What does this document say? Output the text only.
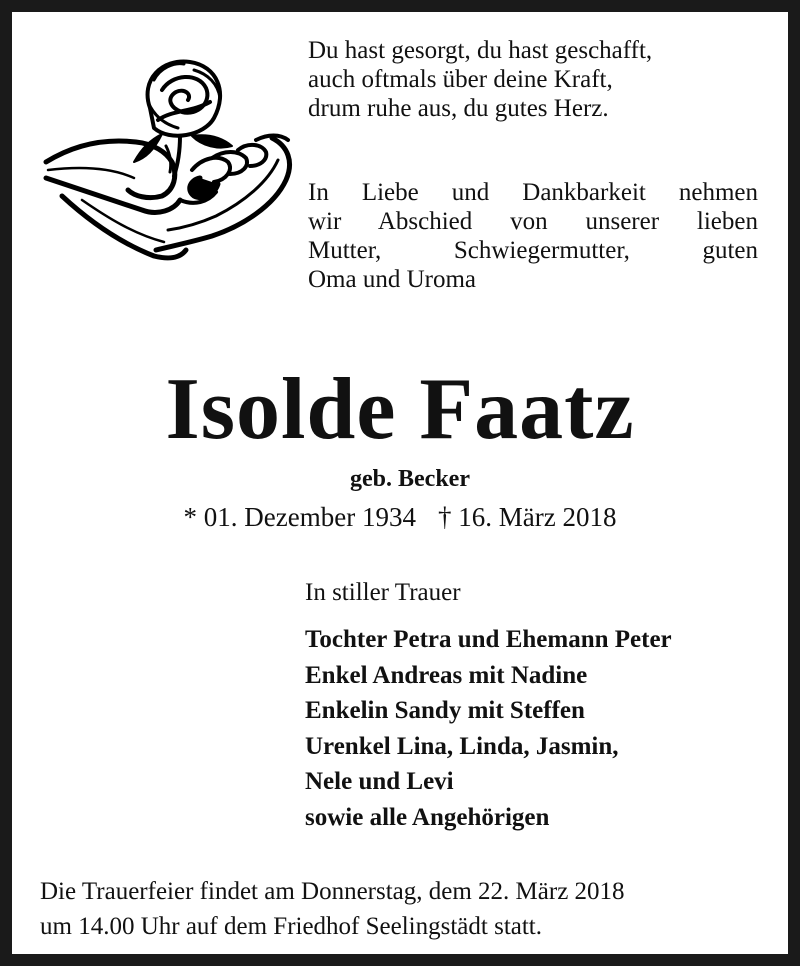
Du hast gesorgt, du hast geschafft,
auch oftmals über deine Kraft,
drum ruhe aus, du gutes Herz.
In Liebe und Dankbarkeit nehmen
wir Abschied von unserer lieben
Mutter, Schwiegermutter, guten
Oma und Uroma
Isolde Faatz
geb. Becker
* 01. Dezember 1934 † 16. März 2018
In stiller Trauer
Tochter Petra und Ehemann Peter
Enkel Andreas mit Nadine
Enkelin Sandy mit Steffen
Urenkel Lina, Linda, Jasmin,
Nele und Levi
sowie alle Angehörigen
Die Trauerfeier findet am Donnerstag, dem 22. März 2018
um 14.00 Uhr auf dem Friedhof Seelingstädt statt.
